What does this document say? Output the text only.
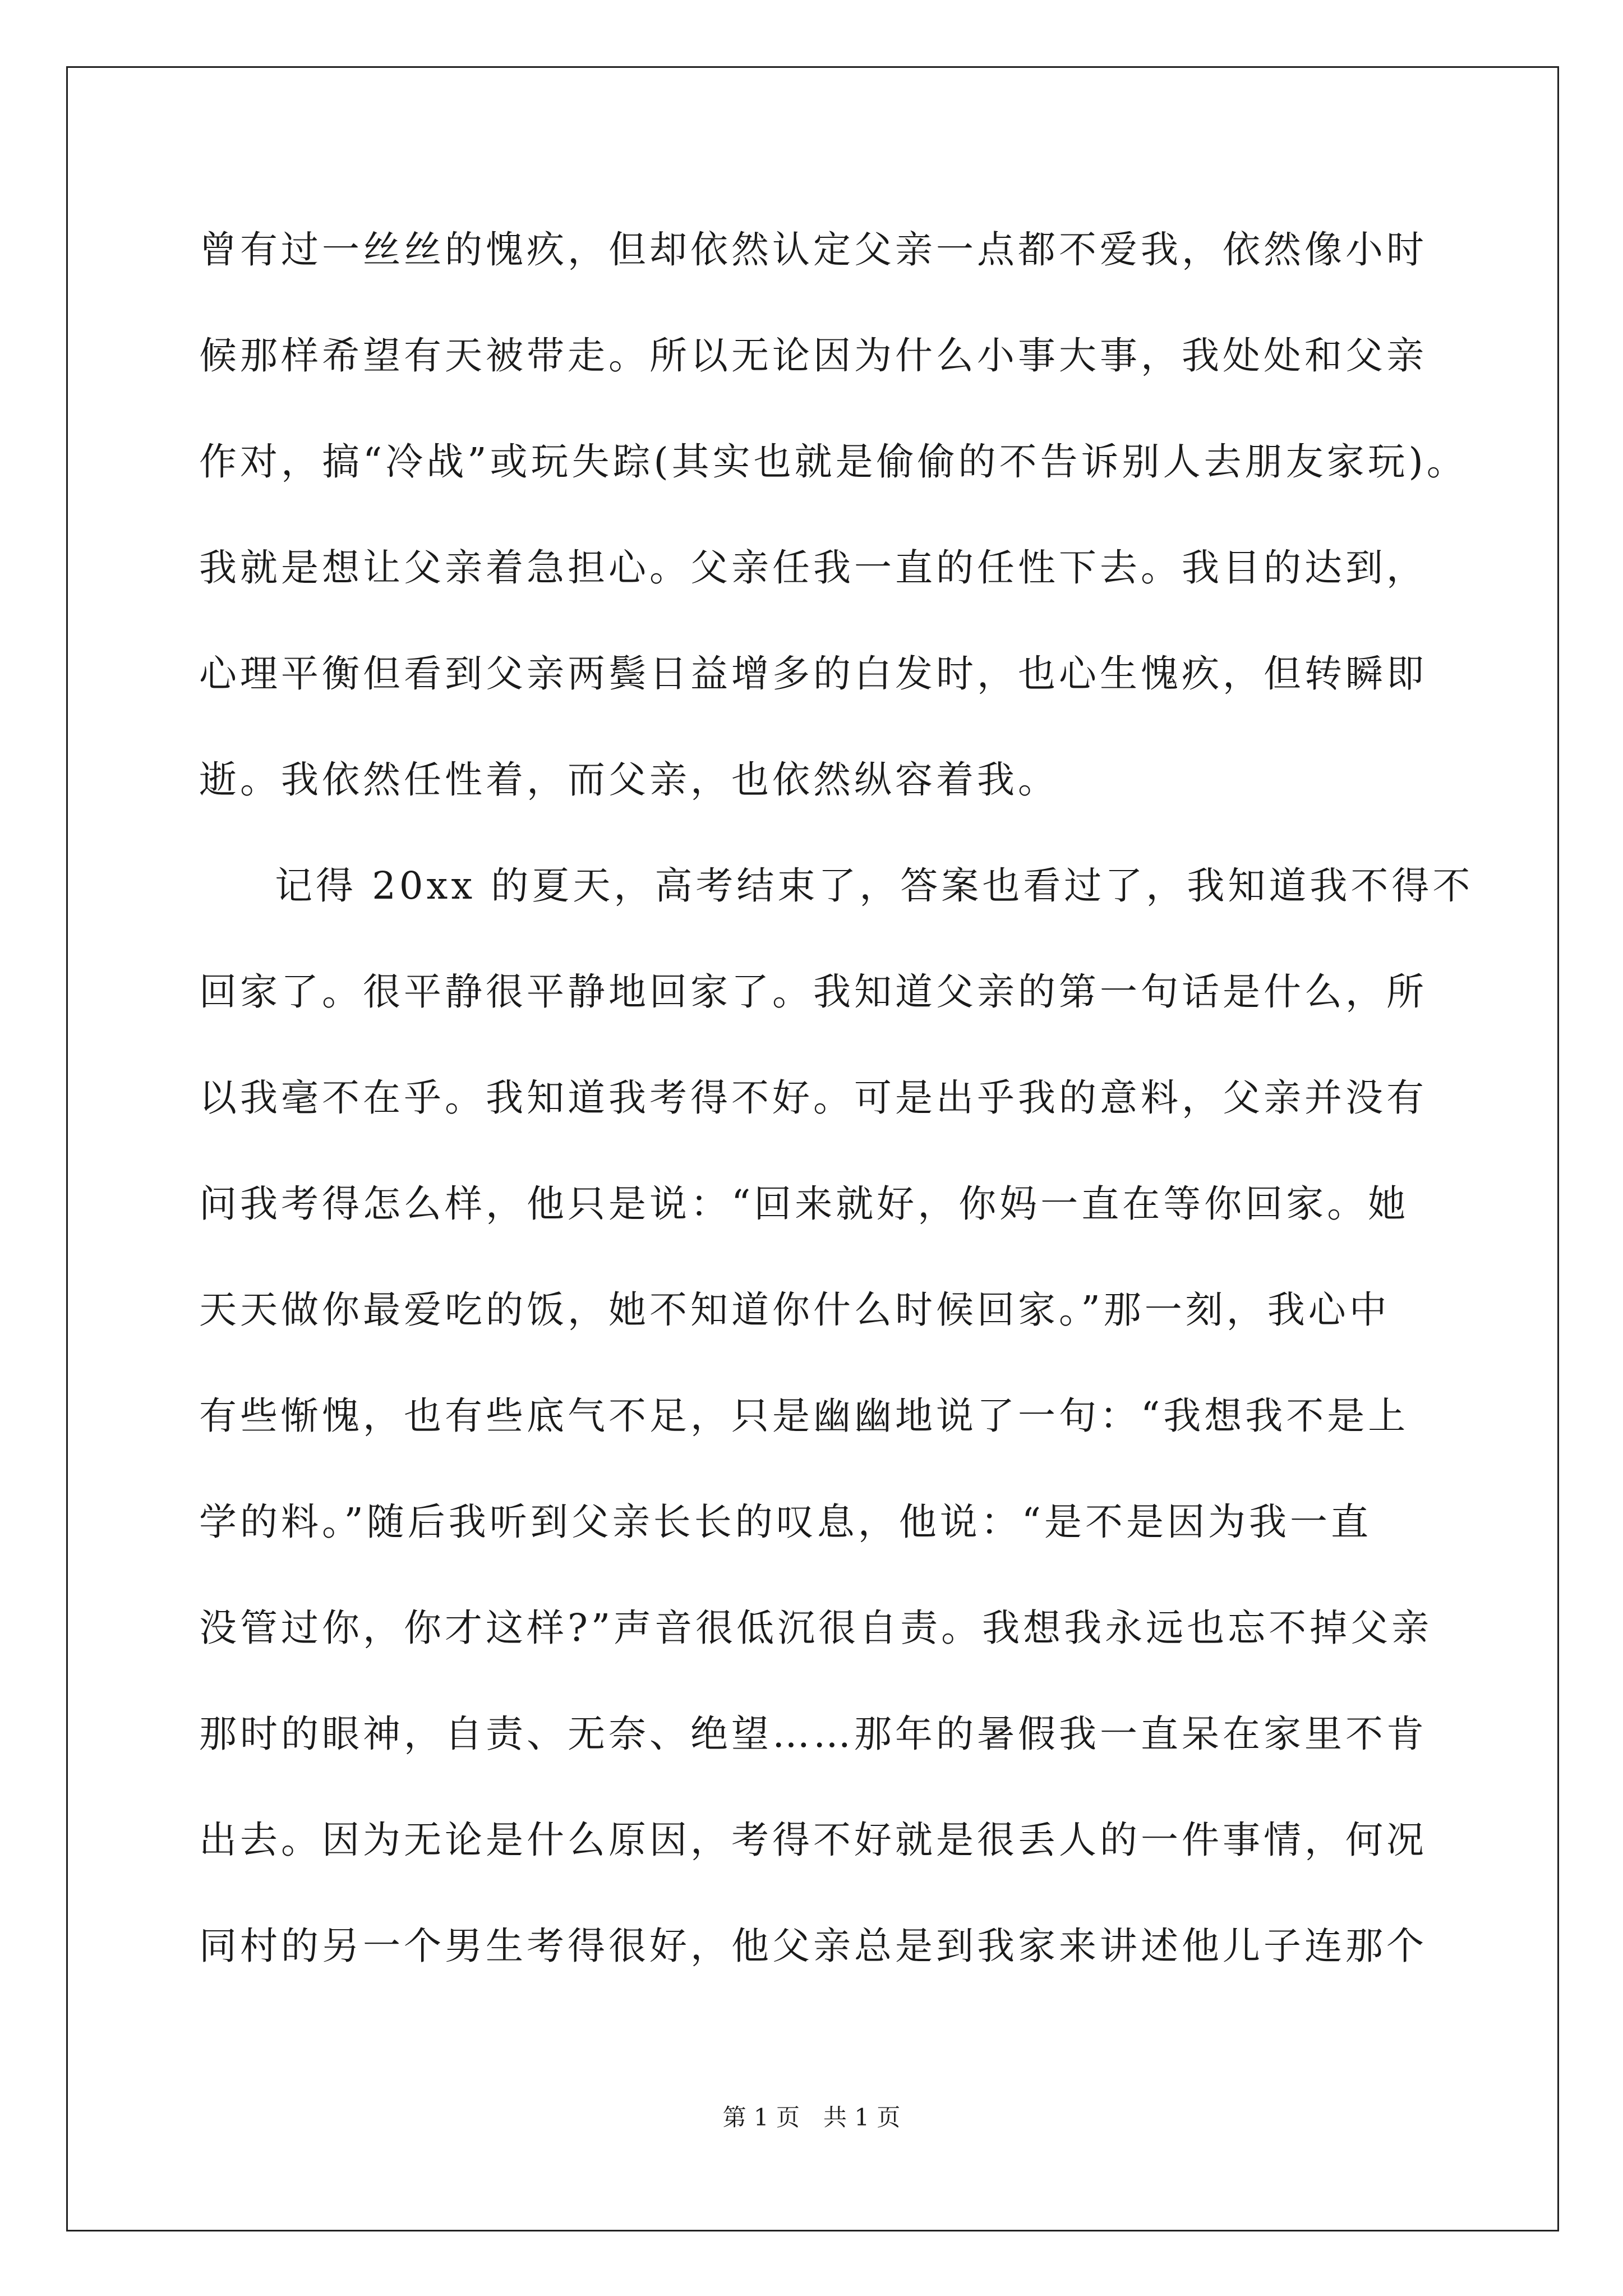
曾有过一丝丝的愧疚，但却依然认定父亲一点都不爱我，依然像小时
候那样希望有天被带走。所以无论因为什么小事大事，我处处和父亲
作对，搞“冷战”或玩失踪(其实也就是偷偷的不告诉别人去朋友家玩)。
我就是想让父亲着急担心。父亲任我一直的任性下去。我目的达到，
心理平衡但看到父亲两鬓日益增多的白发时，也心生愧疚，但转瞬即
逝。我依然任性着，而父亲，也依然纵容着我。
记得 20xx 的夏天，高考结束了，答案也看过了，我知道我不得不
回家了。很平静很平静地回家了。我知道父亲的第一句话是什么，所
以我毫不在乎。我知道我考得不好。可是出乎我的意料，父亲并没有
问我考得怎么样，他只是说：“回来就好，你妈一直在等你回家。她
天天做你最爱吃的饭，她不知道你什么时候回家。”那一刻，我心中
有些惭愧，也有些底气不足，只是幽幽地说了一句：“我想我不是上
学的料。”随后我听到父亲长长的叹息，他说：“是不是因为我一直
没管过你，你才这样?”声音很低沉很自责。我想我永远也忘不掉父亲
那时的眼神，自责、无奈、绝望……那年的暑假我一直呆在家里不肯
出去。因为无论是什么原因，考得不好就是很丢人的一件事情，何况
同村的另一个男生考得很好，他父亲总是到我家来讲述他儿子连那个
第 1 页　共 1 页
